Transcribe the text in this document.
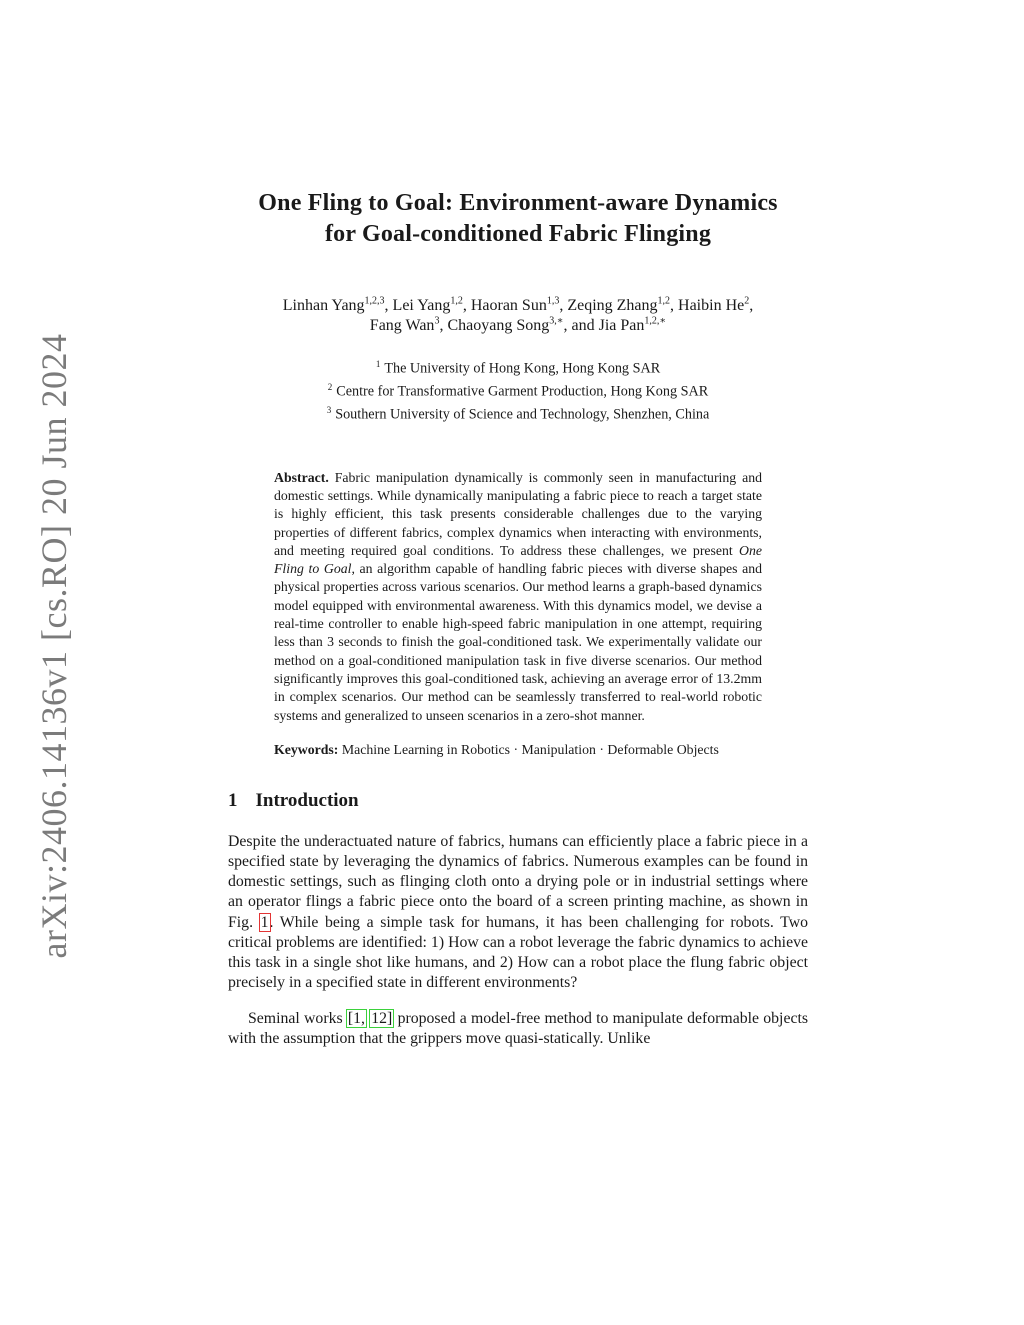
arXiv:2406.14136v1 [cs.RO] 20 Jun 2024
One Fling to Goal: Environment-aware Dynamics
for Goal-conditioned Fabric Flinging
Linhan Yang$^{1,2,3}$, Lei Yang$^{1,2}$, Haoran Sun$^{1,3}$, Zeqing Zhang$^{1,2}$, Haibin He$^2$,
Fang Wan$^3$, Chaoyang Song$^{3,∗}$, and Jia Pan$^{1,2,∗}$
$^1$ The University of Hong Kong, Hong Kong SAR
$^2$ Centre for Transformative Garment Production, Hong Kong SAR
$^3$ Southern University of Science and Technology, Shenzhen, China
Abstract. Fabric manipulation dynamically is commonly seen in manufacturing and domestic settings. While dynamically manipulating a fabric piece to reach a target state is highly efficient, this task presents considerable challenges due to the varying properties of different fabrics, complex dynamics when interacting with environments, and meeting required goal conditions. To address these challenges, we present One Fling to Goal, an algorithm capable of handling fabric pieces with diverse shapes and physical properties across various scenarios. Our method learns a graph-based dynamics model equipped with environmental awareness. With this dynamics model, we devise a real-time controller to enable high-speed fabric manipulation in one attempt, requiring less than 3 seconds to finish the goal-conditioned task. We experimentally validate our method on a goal-conditioned manipulation task in five diverse scenarios. Our method significantly improves this goal-conditioned task, achieving an average error of 13.2mm in complex scenarios. Our method can be seamlessly transferred to real-world robotic systems and generalized to unseen scenarios in a zero-shot manner.
Keywords: Machine Learning in Robotics · Manipulation · Deformable Objects
1 Introduction

Despite the underactuated nature of fabrics, humans can efficiently place a fabric piece in a specified state by leveraging the dynamics of fabrics. Numerous examples can be found in domestic settings, such as flinging cloth onto a drying pole or in industrial settings where an operator flings a fabric piece onto the board of a screen printing machine, as shown in Fig. 1. While being a simple task for humans, it has been challenging for robots. Two critical problems are identified: 1) How can a robot leverage the fabric dynamics to achieve this task in a single shot like humans, and 2) How can a robot place the flung fabric object precisely in a specified state in different environments?

Seminal works [1, 12] proposed a model-free method to manipulate deformable objects with the assumption that the grippers move quasi-statically. Unlike
